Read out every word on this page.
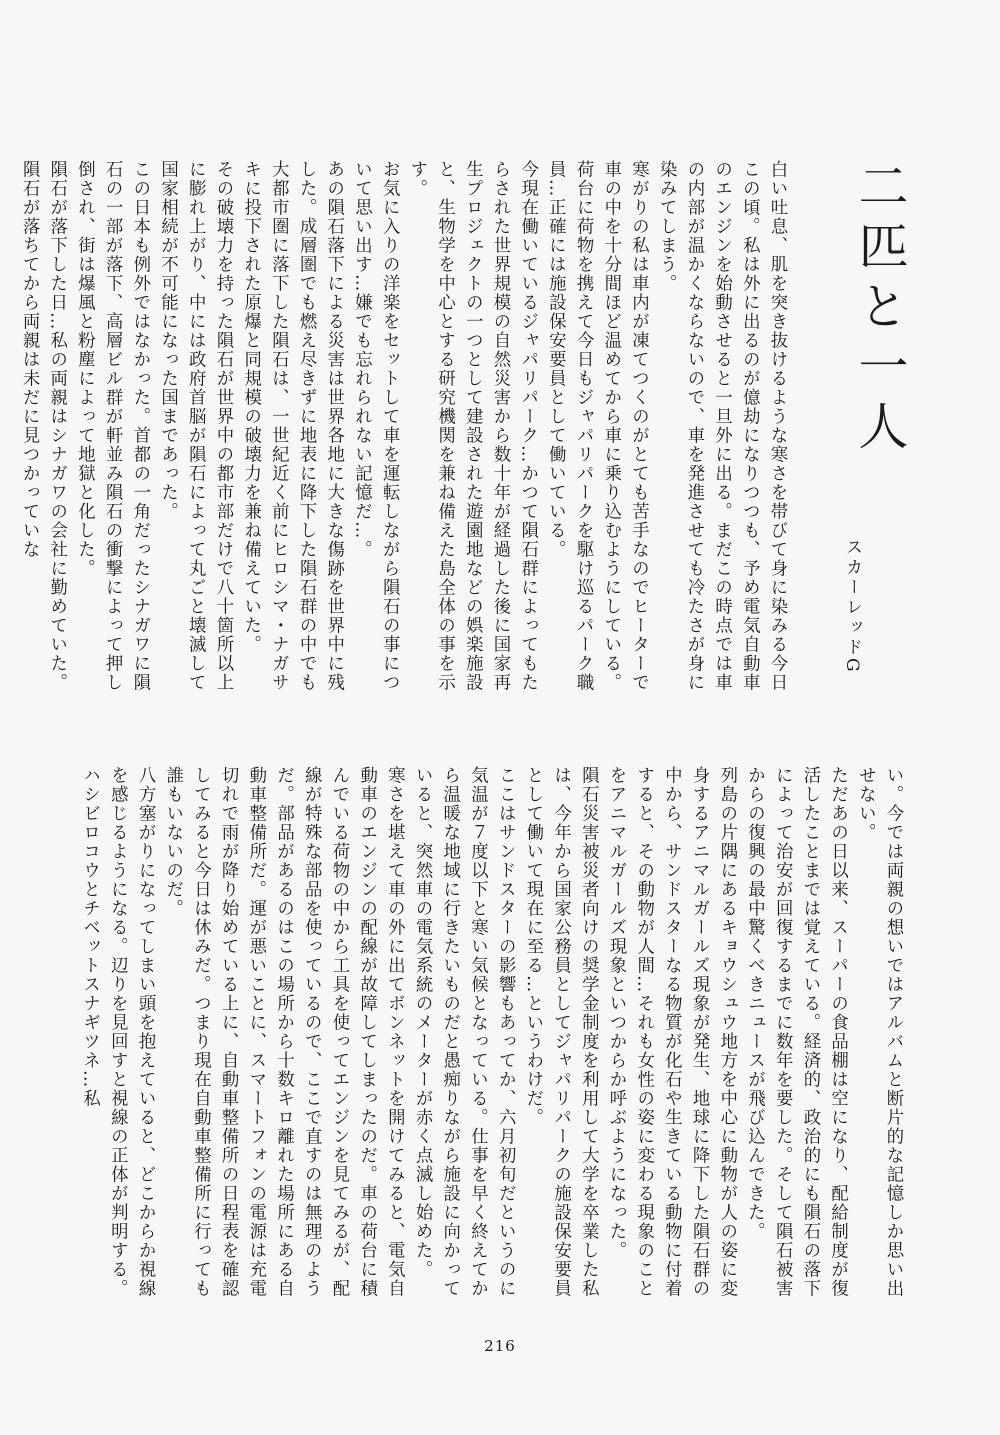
二匹と一人
スカーレッドG

白い吐息、肌を突き抜けるような寒さを帯びて身に染みる今日この頃。私は外に出るのが億劫になりつつも、予め電気自動車のエンジンを始動させると一旦外に出る。まだこの時点では車の内部が温かくならないので、車を発進させても冷たさが身に染みてしまう。

寒がりの私は車内が凍てつくのがとても苦手なのでヒーターで車の中を十分間ほど温めてから車に乗り込むようにしている。荷台に荷物を携えて今日もジャパリパークを駆け巡るパーク職員…正確には施設保安要員として働いている。

今現在働いているジャパリパーク…かつて隕石群によってもたらされた世界規模の自然災害から数十年が経過した後に国家再生プロジェクトの一つとして建設された遊園地などの娯楽施設と、生物学を中心とする研究機関を兼ね備えた島全体の事を示す。

お気に入りの洋楽をセットして車を運転しながら隕石の事について思い出す…嫌でも忘れられない記憶だ…。

あの隕石落下による災害は世界各地に大きな傷跡を世界中に残した。成層圏でも燃え尽きずに地表に降下した隕石群の中でも大都市圏に落下した隕石は、一世紀近く前にヒロシマ・ナガサキに投下された原爆と同規模の破壊力を兼ね備えていた。

その破壊力を持った隕石が世界中の都市部だけで八十箇所以上に膨れ上がり、中には政府首脳が隕石によって丸ごと壊滅して国家相続が不可能になった国まであった。

この日本も例外ではなかった。首都の一角だったシナガワに隕石の一部が落下、高層ビル群が軒並み隕石の衝撃によって押し倒され、街は爆風と粉塵によって地獄と化した。

隕石が落下した日…私の両親はシナガワの会社に勤めていた。隕石が落ちてから両親は未だに見つかっていな

い。今では両親の想いではアルバムと断片的な記憶しか思い出せない。

ただあの日以来、スーパーの食品棚は空になり、配給制度が復活したことまでは覚えている。経済的、政治的にも隕石の落下によって治安が回復するまでに数年を要した。そして隕石被害からの復興の最中驚くべきニュースが飛び込んできた。

列島の片隅にあるキョウシュウ地方を中心に動物が人の姿に変身するアニマルガールズ現象が発生、地球に降下した隕石群の中から、サンドスターなる物質が化石や生きている動物に付着すると、その動物が人間…それも女性の姿に変わる現象のことをアニマルガールズ現象といつからか呼ぶようになった。

隕石災害被災者向けの奨学金制度を利用して大学を卒業した私は、今年から国家公務員としてジャパリパークの施設保安要員として働いて現在に至る…というわけだ。

ここはサンドスターの影響もあってか、六月初旬だというのに気温が７度以下と寒い気候となっている。仕事を早く終えてから温暖な地域に行きたいものだと愚痴りながら施設に向かっていると、突然車の電気系統のメーターが赤く点滅し始めた。

寒さを堪えて車の外に出てボンネットを開けてみると、電気自動車のエンジンの配線が故障してしまったのだ。車の荷台に積んでいる荷物の中から工具を使ってエンジンを見てみるが、配線が特殊な部品を使っているので、ここで直すのは無理のようだ。部品があるのはこの場所から十数キロ離れた場所にある自動車整備所だ。運が悪いことに、スマートフォンの電源は充電切れで雨が降り始めている上に、自動車整備所の日程表を確認してみると今日は休みだ。つまり現在自動車整備所に行っても誰もいないのだ。

八方塞がりになってしまい頭を抱えていると、どこからか視線を感じるようになる。辺りを見回すと視線の正体が判明する。ハシビロコウとチベットスナギツネ…私

216
